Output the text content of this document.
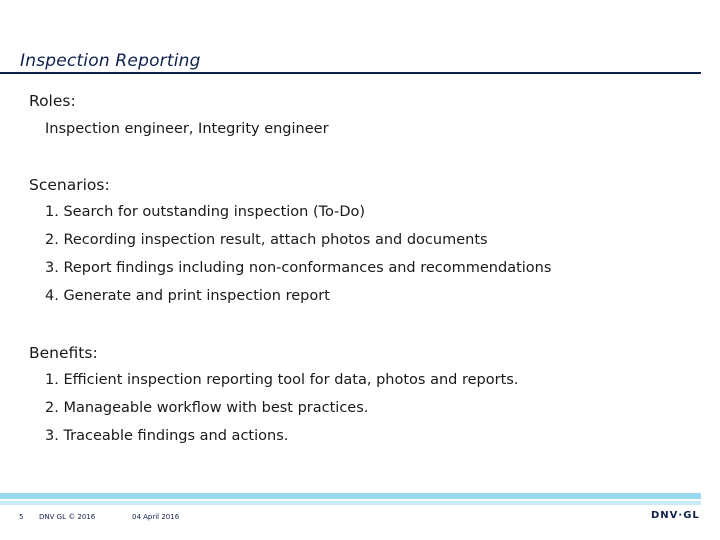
Inspection Reporting
Roles:
Inspection engineer, Integrity engineer
Scenarios:
1. Search for outstanding inspection (To-Do)
2. Recording inspection result, attach photos and documents
3. Report findings including non-conformances and recommendations
4. Generate and print inspection report
Benefits:
1. Efficient inspection reporting tool for data, photos and reports.
2. Manageable workflow with best practices.
3. Traceable findings and actions.
5 DNV GL © 2016	04 April 2016	DNV·GL
